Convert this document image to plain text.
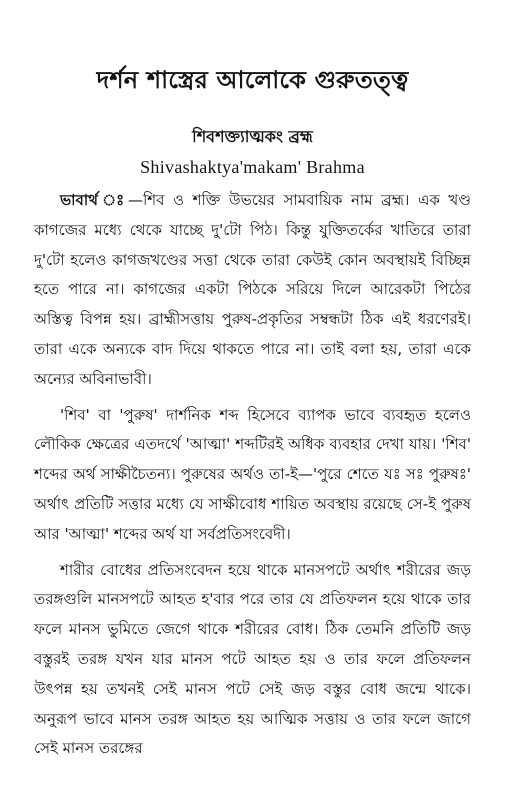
দর্শন শাস্ত্রের আলোকে গুরুতত্ত্ব
শিবশক্ত্যাত্মকং ব্রহ্ম
Shivashaktya'makam' Brahma

ভাবার্থ ঃ—শিব ও শক্তি উভয়ের সামবায়িক নাম ব্রহ্ম। এক খণ্ড কাগজের মধ্যে থেকে যাচ্ছে দু'টো পিঠ। কিন্তু যুক্তিতর্কের খাতিরে তারা দু'টো হলেও কাগজখণ্ডের সত্তা থেকে তারা কেউই কোন অবস্থায়ই বিচ্ছিন্ন হতে পারে না। কাগজের একটা পিঠকে সরিয়ে দিলে আরেকটা পিঠের অস্তিত্ব বিপন্ন হয়। ব্রাহ্মীসত্তায় পুরুষ-প্রকৃতির সম্বন্ধটা ঠিক এই ধরণেরই। তারা একে অন্যকে বাদ দিয়ে থাকতে পারে না। তাই বলা হয়, তারা একে অন্যের অবিনাভাবী।

'শিব' বা 'পুরুষ' দার্শনিক শব্দ হিসেবে ব্যাপক ভাবে ব্যবহৃত হলেও লৌকিক ক্ষেত্রের এতদর্থে 'আত্মা' শব্দটিরই অধিক ব্যবহার দেখা যায়। 'শিব' শব্দের অর্থ সাক্ষীচৈতন্য। পুরুষের অর্থও তা-ই—'পুরে শেতে যঃ সঃ পুরুষঃ' অর্থাৎ প্রতিটি সত্তার মধ্যে যে সাক্ষীবোধ শায়িত অবস্থায় রয়েছে সে-ই পুরুষ আর 'আত্মা' শব্দের অর্থ যা সর্বপ্রতিসংবেদী।

শারীর বোধের প্রতিসংবেদন হয়ে থাকে মানসপটে অর্থাৎ শরীরের জড় তরঙ্গগুলি মানসপটে আহত হ'বার পরে তার যে প্রতিফলন হয়ে থাকে তার ফলে মানস ভুমিতে জেগে থাকে শরীরের বোধ। ঠিক তেমনি প্রতিটি জড় বস্তুরই তরঙ্গ যখন যার মানস পটে আহত হয় ও তার ফলে প্রতিফলন উৎপন্ন হয় তখনই সেই মানস পটে সেই জড় বস্তুর বোধ জন্মে থাকে। অনুরূপ ভাবে মানস তরঙ্গ আহত হয় আত্মিক সত্তায় ও তার ফলে জাগে সেই মানস তরঙ্গের
